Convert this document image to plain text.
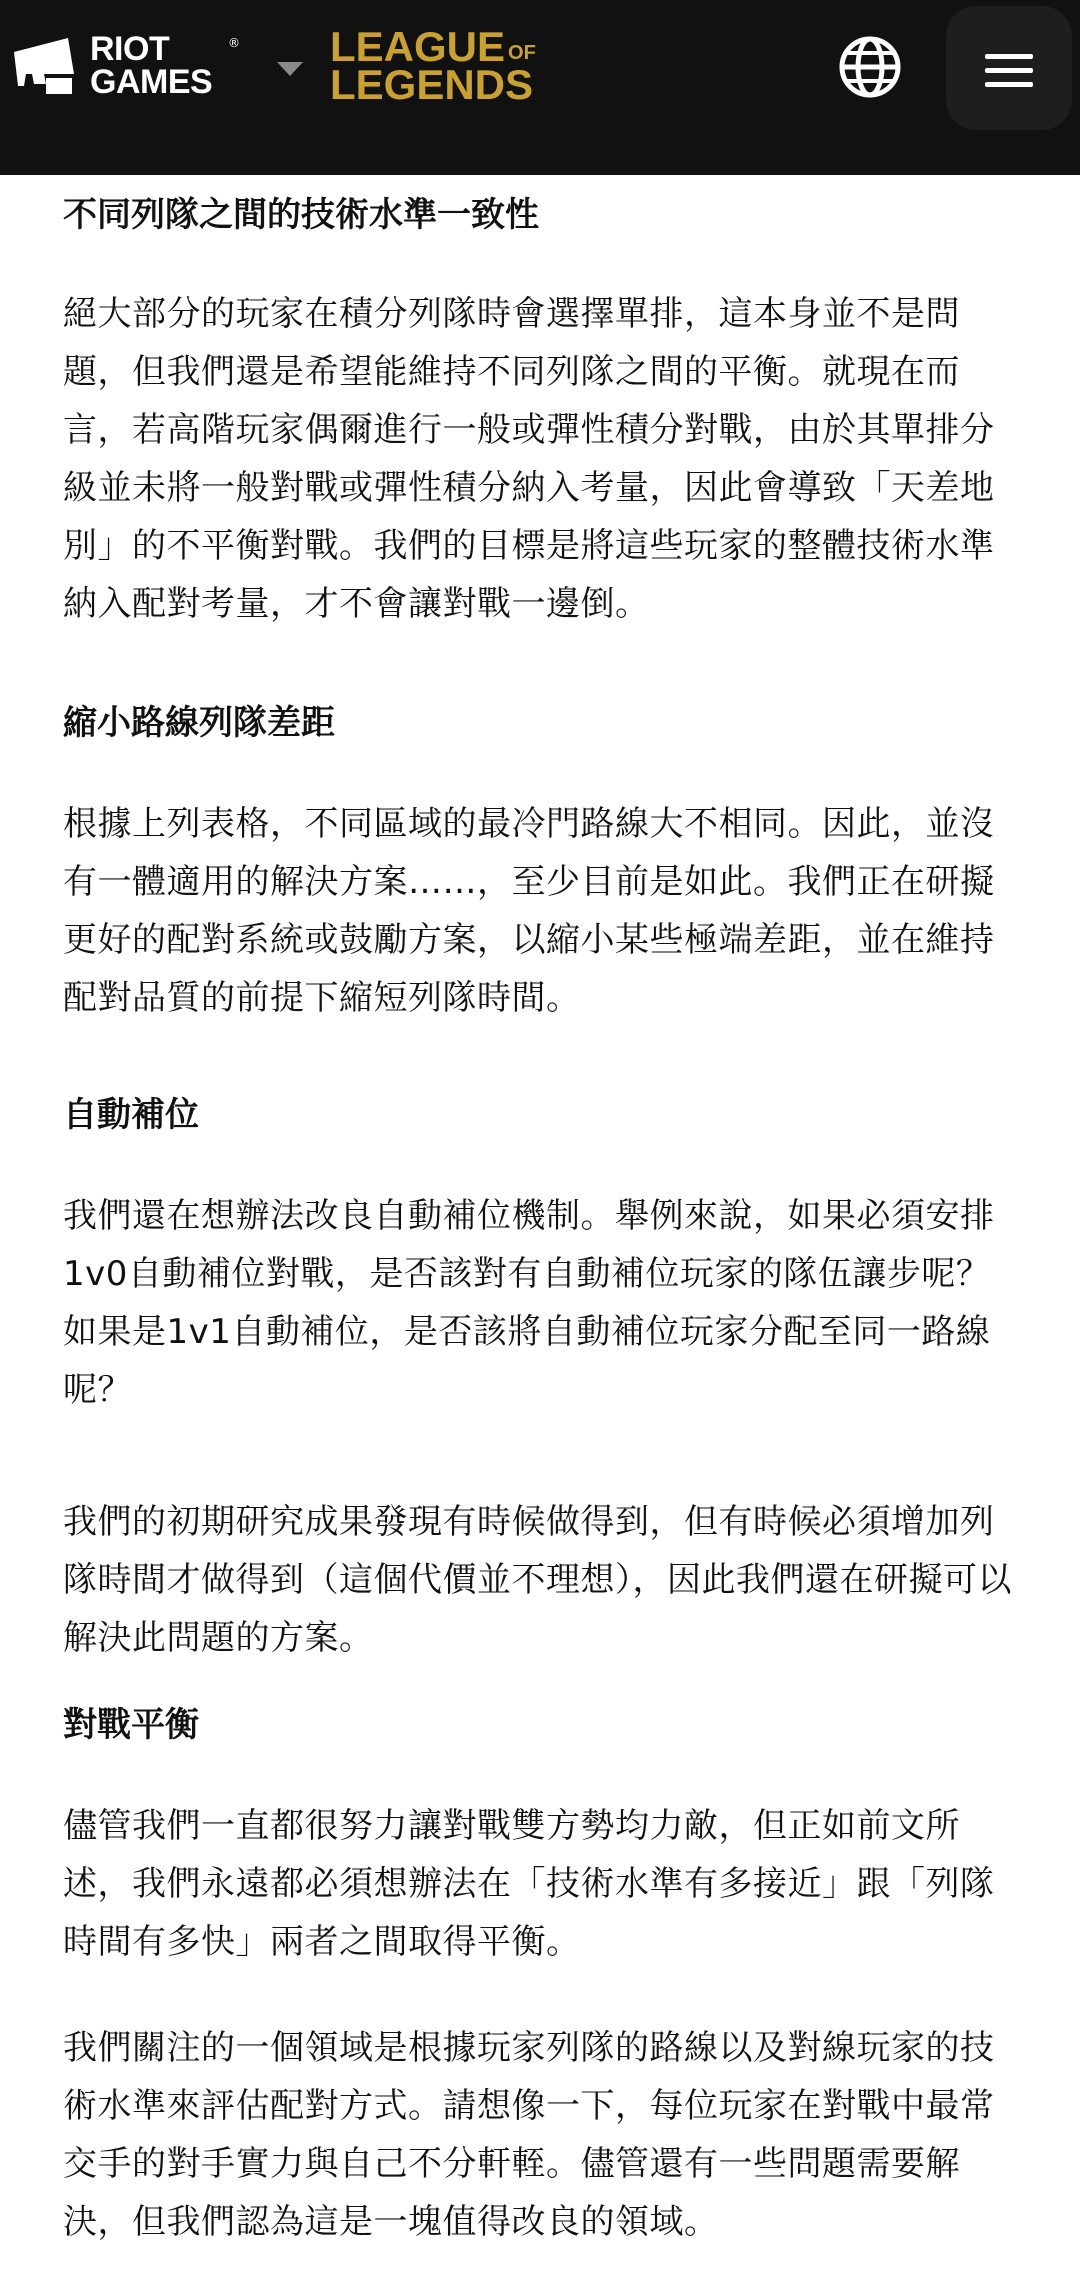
RIOT
GAMES
® LEAGUE OF
LEGENDS
不同列隊之間的技術水準一致性

絕大部分的玩家在積分列隊時會選擇單排，這本身並不是問題，但我們還是希望能維持不同列隊之間的平衡。就現在而言，若高階玩家偶爾進行一般或彈性積分對戰，由於其單排分級並未將一般對戰或彈性積分納入考量，因此會導致「天差地別」的不平衡對戰。我們的目標是將這些玩家的整體技術水準納入配對考量，才不會讓對戰一邊倒。

縮小路線列隊差距

根據上列表格，不同區域的最冷門路線大不相同。因此，並沒有一體適用的解決方案……，至少目前是如此。我們正在研擬更好的配對系統或鼓勵方案，以縮小某些極端差距，並在維持配對品質的前提下縮短列隊時間。

自動補位

我們還在想辦法改良自動補位機制。舉例來說，如果必須安排1v0自動補位對戰，是否該對有自動補位玩家的隊伍讓步呢？如果是1v1自動補位，是否該將自動補位玩家分配至同一路線呢？

我們的初期研究成果發現有時候做得到，但有時候必須增加列隊時間才做得到（這個代價並不理想），因此我們還在研擬可以解決此問題的方案。

對戰平衡

儘管我們一直都很努力讓對戰雙方勢均力敵，但正如前文所述，我們永遠都必須想辦法在「技術水準有多接近」跟「列隊時間有多快」兩者之間取得平衡。

我們關注的一個領域是根據玩家列隊的路線以及對線玩家的技術水準來評估配對方式。請想像一下，每位玩家在對戰中最常交手的對手實力與自己不分軒輊。儘管還有一些問題需要解決，但我們認為這是一塊值得改良的領域。
